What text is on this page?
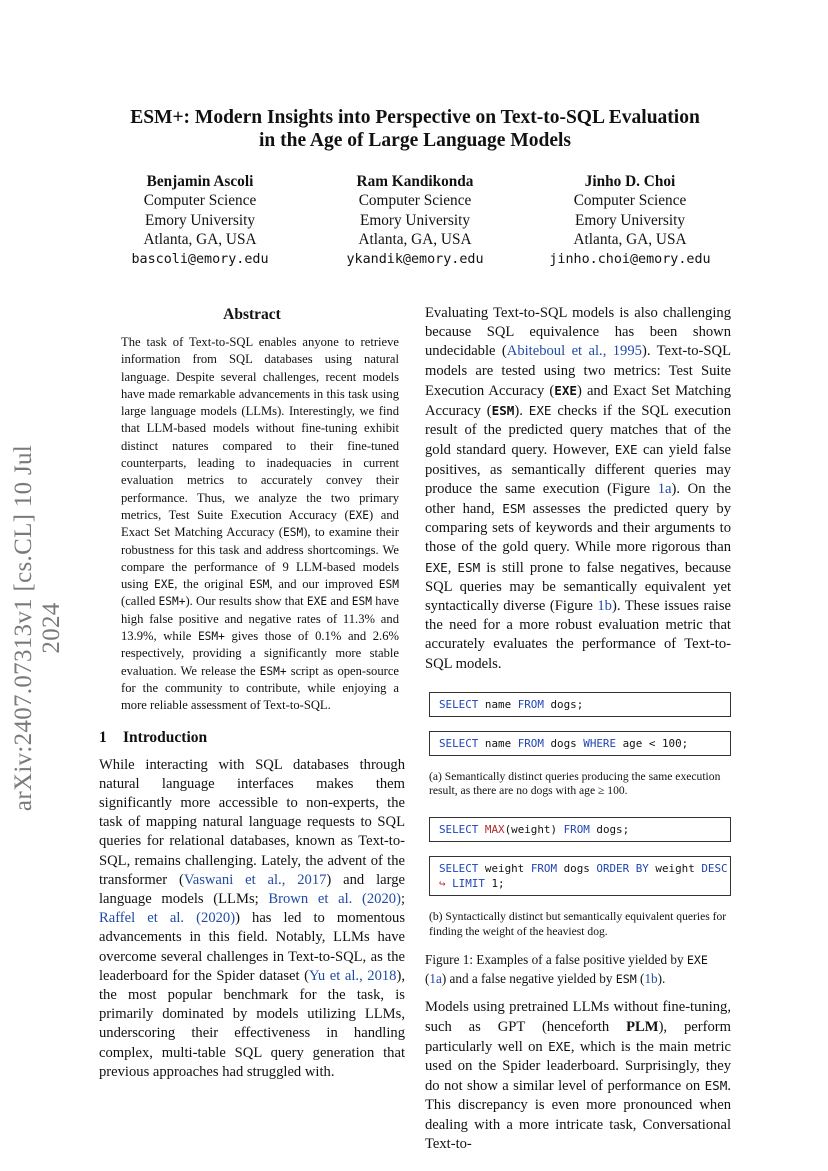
arXiv:2407.07313v1 [cs.CL] 10 Jul 2024
ESM+: Modern Insights into Perspective on Text-to-SQL Evaluation
in the Age of Large Language Models
Benjamin Ascoli
Computer Science
Emory University
Atlanta, GA, USA
bascoli@emory.edu
Ram Kandikonda
Computer Science
Emory University
Atlanta, GA, USA
ykandik@emory.edu
Jinho D. Choi
Computer Science
Emory University
Atlanta, GA, USA
jinho.choi@emory.edu
Abstract

The task of Text-to-SQL enables anyone to retrieve information from SQL databases using natural language. Despite several challenges, recent models have made remarkable advancements in this task using large language models (LLMs). Interestingly, we find that LLM-based models without fine-tuning exhibit distinct natures compared to their fine-tuned counterparts, leading to inadequacies in current evaluation metrics to accurately convey their performance. Thus, we analyze the two primary metrics, Test Suite Execution Accuracy (EXE) and Exact Set Matching Accuracy (ESM), to examine their robustness for this task and address shortcomings. We compare the performance of 9 LLM-based models using EXE, the original ESM, and our improved ESM (called ESM+). Our results show that EXE and ESM have high false positive and negative rates of 11.3% and 13.9%, while ESM+ gives those of 0.1% and 2.6% respectively, providing a significantly more stable evaluation. We release the ESM+ script as open-source for the community to contribute, while enjoying a more reliable assessment of Text-to-SQL.

1 Introduction

While interacting with SQL databases through natural language interfaces makes them significantly more accessible to non-experts, the task of mapping natural language requests to SQL queries for relational databases, known as Text-to-SQL, remains challenging. Lately, the advent of the transformer (Vaswani et al., 2017) and large language models (LLMs; Brown et al. (2020); Raffel et al. (2020)) has led to momentous advancements in this field. Notably, LLMs have overcome several challenges in Text-to-SQL, as the leaderboard for the Spider dataset (Yu et al., 2018), the most popular benchmark for the task, is primarily dominated by models utilizing LLMs, underscoring their effectiveness in handling complex, multi-table SQL query generation that previous approaches had struggled with.

Evaluating Text-to-SQL models is also challenging because SQL equivalence has been shown undecidable (Abiteboul et al., 1995). Text-to-SQL models are tested using two metrics: Test Suite Execution Accuracy (EXE) and Exact Set Matching Accuracy (ESM). EXE checks if the SQL execution result of the predicted query matches that of the gold standard query. However, EXE can yield false positives, as semantically different queries may produce the same execution (Figure 1a). On the other hand, ESM assesses the predicted query by comparing sets of keywords and their arguments to those of the gold query. While more rigorous than EXE, ESM is still prone to false negatives, because SQL queries may be semantically equivalent yet syntactically diverse (Figure 1b). These issues raise the need for a more robust evaluation metric that accurately evaluates the performance of Text-to-SQL models.

SELECT name FROM dogs;
SELECT name FROM dogs WHERE age < 100;

(a) Semantically distinct queries producing the same execution result, as there are no dogs with age ≥ 100.

SELECT MAX(weight) FROM dogs;
SELECT weight FROM dogs ORDER BY weight DESC
↪ LIMIT 1;

(b) Syntactically distinct but semantically equivalent queries for finding the weight of the heaviest dog.

Figure 1: Examples of a false positive yielded by EXE (1a) and a false negative yielded by ESM (1b).

Models using pretrained LLMs without fine-tuning, such as GPT (henceforth PLM), perform particularly well on EXE, which is the main metric used on the Spider leaderboard. Surprisingly, they do not show a similar level of performance on ESM. This discrepancy is even more pronounced when dealing with a more intricate task, Conversational Text-to-
